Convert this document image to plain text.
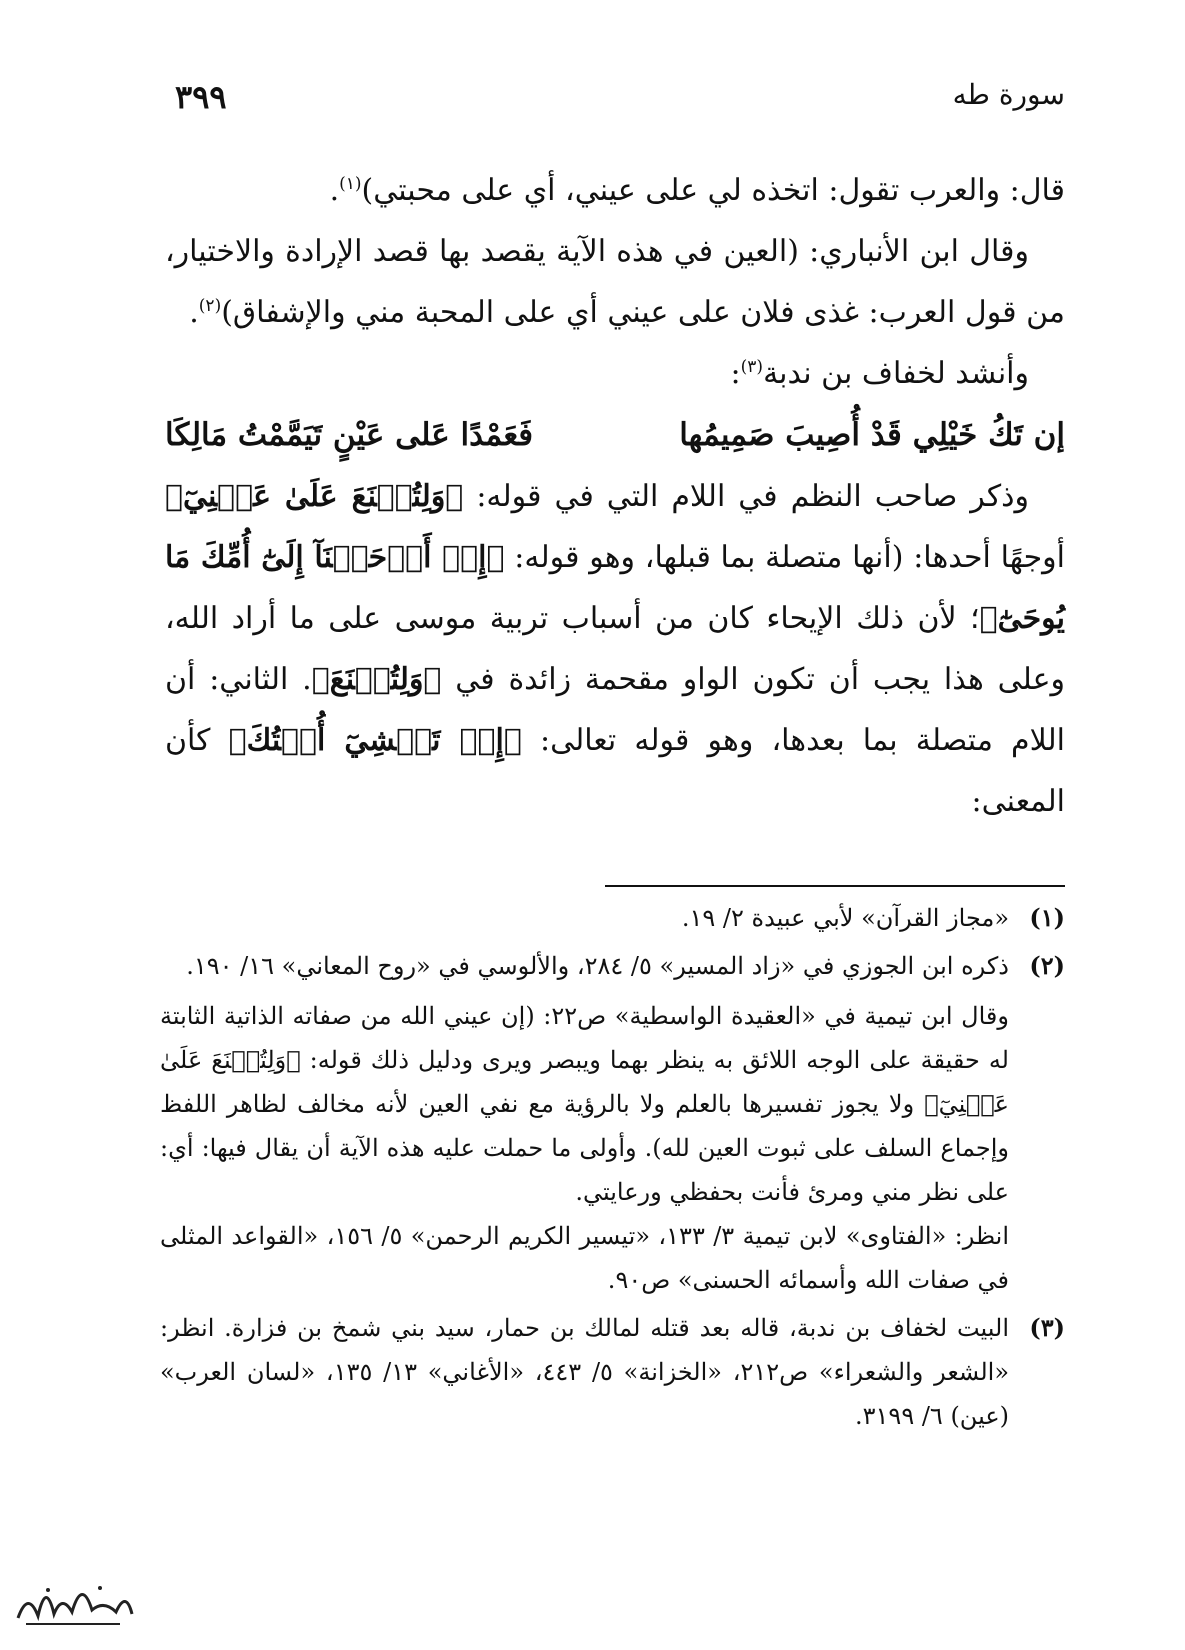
سورة طه
٣٩٩

قال: والعرب تقول: اتخذه لي على عيني، أي على محبتي)$^{(١)}$.

وقال ابن الأنباري: (العين في هذه الآية يقصد بها قصد الإرادة والاختيار، من قول العرب: غذى فلان على عيني أي على المحبة مني والإشفاق)$^{(٢)}$.

وأنشد لخفاف بن ندبة$^{(٣)}$:

إن تَكُ خَيْلِي قَدْ أُصِيبَ صَمِيمُها
فَعَمْدًا عَلى عَيْنٍ تَيَمَّمْتُ مَالِكَا

وذكر صاحب النظم في اللام التي في قوله: ﴿وَلِتُصۡنَعَ عَلَىٰ عَيۡنِيٓ﴾ أوجهًا أحدها: (أنها متصلة بما قبلها، وهو قوله: ﴿إِذۡ أَوۡحَيۡنَآ إِلَىٰٓ أُمِّكَ مَا يُوحَىٰٓ﴾؛ لأن ذلك الإيحاء كان من أسباب تربية موسى على ما أراد الله، وعلى هذا يجب أن تكون الواو مقحمة زائدة في ﴿وَلِتُصۡنَعَ﴾. الثاني: أن اللام متصلة بما بعدها، وهو قوله تعالى: ﴿إِذۡ تَمۡشِيٓ أُخۡتُكَ﴾ كأن المعنى:

(١)

«مجاز القرآن» لأبي عبيدة ٢/ ١٩.

(٢)

ذكره ابن الجوزي في «زاد المسير» ٥/ ٢٨٤، والألوسي في «روح المعاني» ١٦/ ١٩٠.

وقال ابن تيمية في «العقيدة الواسطية» ص٢٢: (إن عيني الله من صفاته الذاتية الثابتة له حقيقة على الوجه اللائق به ينظر بهما ويبصر ويرى ودليل ذلك قوله: ﴿وَلِتُصۡنَعَ عَلَىٰ عَيۡنِيٓ﴾ ولا يجوز تفسيرها بالعلم ولا بالرؤية مع نفي العين لأنه مخالف لظاهر اللفظ وإجماع السلف على ثبوت العين لله). وأولى ما حملت عليه هذه الآية أن يقال فيها: أي: على نظر مني ومرئ فأنت بحفظي ورعايتي.

انظر: «الفتاوى» لابن تيمية ٣/ ١٣٣، «تيسير الكريم الرحمن» ٥/ ١٥٦، «القواعد المثلى في صفات الله وأسمائه الحسنى» ص٩٠.

(٣)

البيت لخفاف بن ندبة، قاله بعد قتله لمالك بن حمار، سيد بني شمخ بن فزارة. انظر: «الشعر والشعراء» ص٢١٢، «الخزانة» ٥/ ٤٤٣، «الأغاني» ١٣/ ١٣٥، «لسان العرب» (عين) ٦/ ٣١٩٩.
